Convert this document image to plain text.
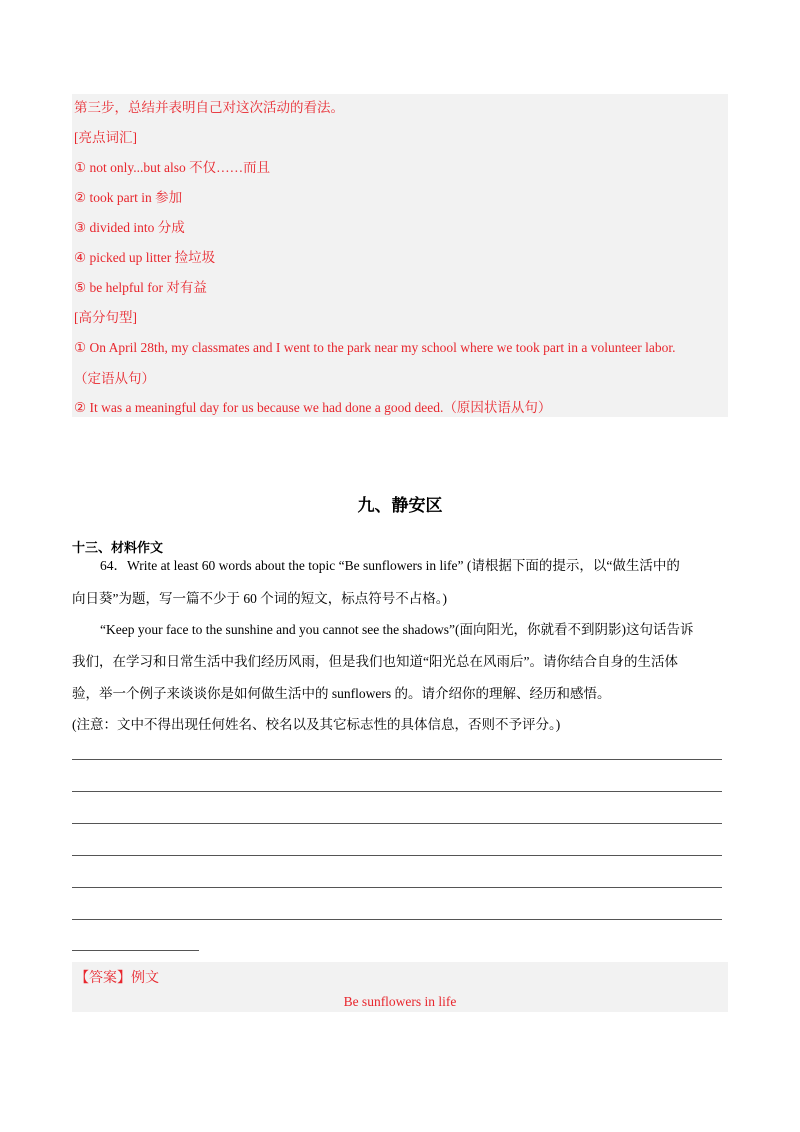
第三步，总结并表明自己对这次活动的看法。
[亮点词汇]
① not only...but also 不仅……而且
② took part in 参加
③ divided into 分成
④ picked up litter 捡垃圾
⑤ be helpful for 对有益
[高分句型]
① On April 28th, my classmates and I went to the park near my school where we took part in a volunteer labor.
（定语从句）
② It was a meaningful day for us because we had done a good deed.（原因状语从句）
九、静安区
十三、材料作文
64．Write at least 60 words about the topic “Be sunflowers in life” (请根据下面的提示，以“做生活中的
向日葵”为题，写一篇不少于 60 个词的短文，标点符号不占格。)
“Keep your face to the sunshine and you cannot see the shadows”(面向阳光，你就看不到阴影)这句话告诉
我们，在学习和日常生活中我们经历风雨，但是我们也知道“阳光总在风雨后”。请你结合自身的生活体
验，举一个例子来谈谈你是如何做生活中的 sunflowers 的。请介绍你的理解、经历和感悟。
(注意：文中不得出现任何姓名、校名以及其它标志性的具体信息，否则不予评分。)
【答案】例文
Be sunflowers in life
